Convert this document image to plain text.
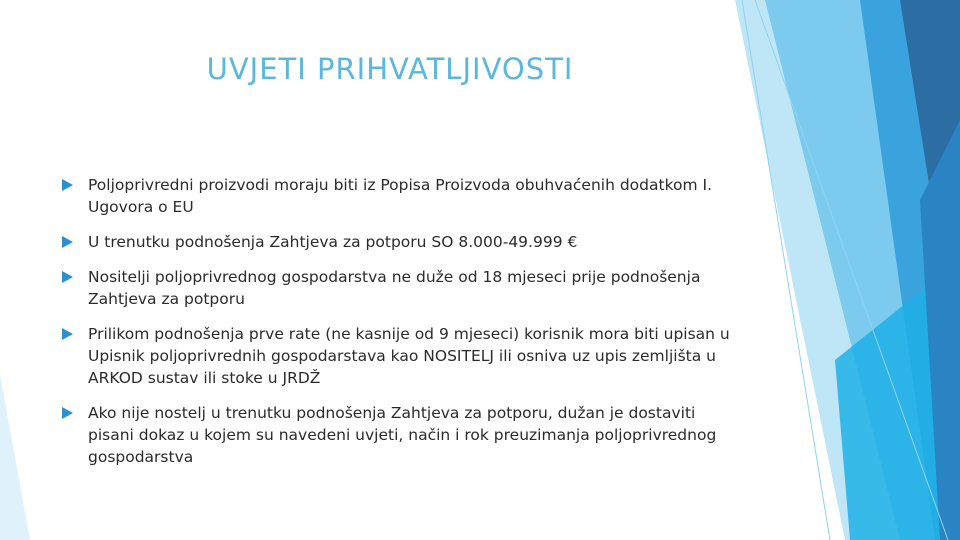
UVJETI PRIHVATLJIVOSTI
Poljoprivredni proizvodi moraju biti iz Popisa Proizvoda obuhvaćenih dodatkom I. Ugovora o EU
U trenutku podnošenja Zahtjeva za potporu SO 8.000-49.999 €
Nositelji poljoprivrednog gospodarstva ne duže od 18 mjeseci prije podnošenja Zahtjeva za potporu
Prilikom podnošenja prve rate (ne kasnije od 9 mjeseci) korisnik mora biti upisan u Upisnik poljoprivrednih gospodarstava kao NOSITELJ ili osniva uz upis zemljišta u ARKOD sustav ili stoke u JRDŽ
Ako nije nostelj u trenutku podnošenja Zahtjeva za potporu, dužan je dostaviti pisani dokaz u kojem su navedeni uvjeti, način i rok preuzimanja poljoprivrednog gospodarstva
